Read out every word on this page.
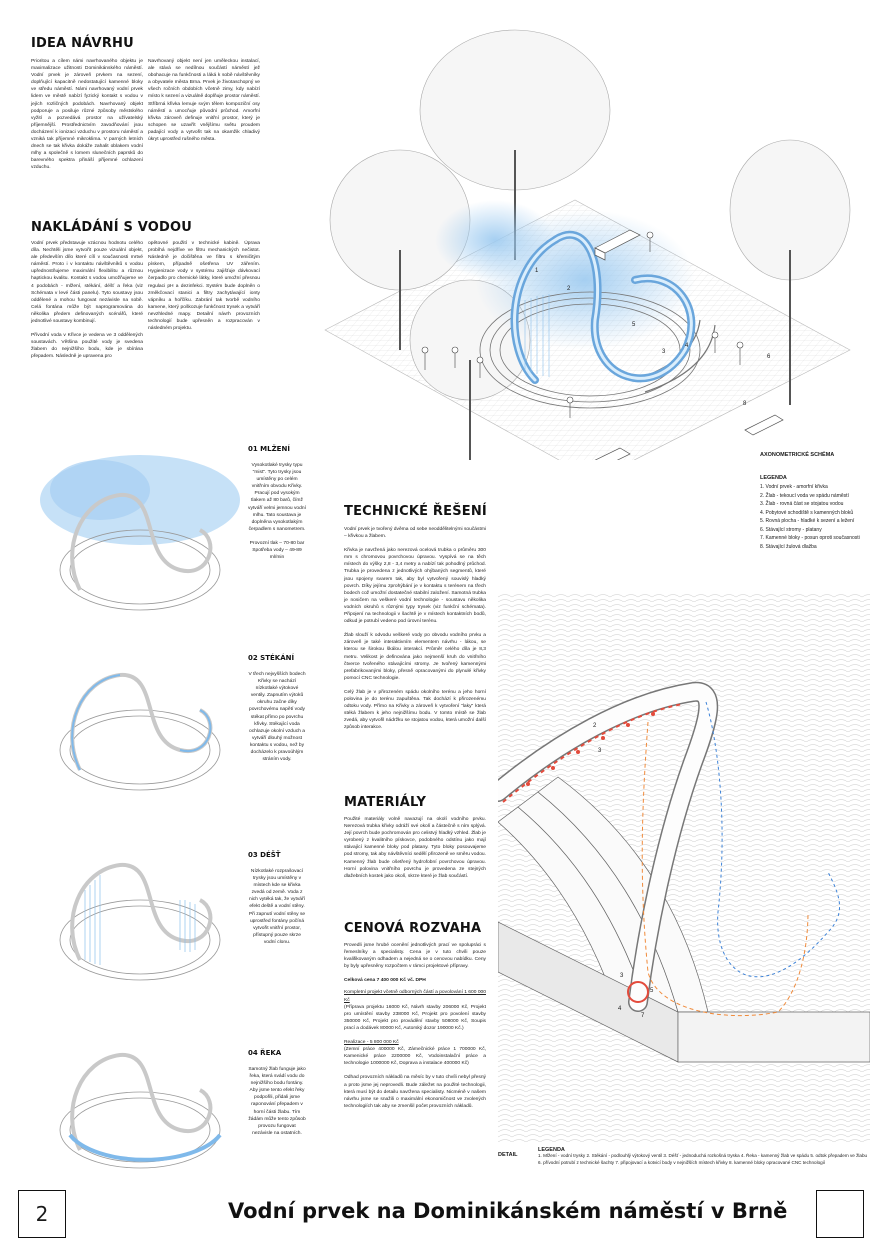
IDEA NÁVRHU
Prioritou a cílem námi navrhovaného objektu je maximalizace užitnosti Dominikánského náměstí. Vodní prvek je zároveň prvkem na sezení, doplňující kapacitně nedostatující kamenné bloky ve středu náměstí. Námi navrhovaný vodní prvek lidem ve městě nabízí fyzický kontakt s vodou v jejích rozličných podobách. Navrhovaný objekt podporuje a posiluje různé způsoby městského vyžití a pozvedává prostor na užívatelský příjemnější. Prostřednictvím zavodňování jsou docházení k ionizaci vzduchu v prostoru náměstí a vzniká tak příjemné mikroklima. V parných letních dnech se tak křivka dokáže zahalit oblakem vodní mlhy a společně s lomem slunečních paprsků do barevného spektra přináší příjemné ochlazení vzduchu.
Navrhovaný objekt není jen uměleckou instalací, ale stává se nedílnou součástí náměstí jež obohacuje na funkčnosti a láká k sobě návštěvníky a obyvatele města Brna. Prvek je životaschopný ve všech ročních obdobích včetně zimy, kdy nabízí místo k sezení a vizuálně doplňuje prostor náměstí. Stříbrná křivka lemuje svým tělem kompoziční osy náměstí a umocňuje původní průchod. Amorfní křivka zároveň definuje vnitřní prostor, který je schopen se uzavřít vnějšímu světu proudem padající vody a vytvořit tak na okamžik chladivý úkryt uprostřed rušného města.
NAKLÁDÁNÍ S VODOU

Vodní prvek představuje vzácnou hodnotu celého díla. Nechtěli jsme vytvořit pouze vizuální objekt, ale především dílo které cílí v současnosti mrtvé náměstí. Proto i v kontaktu návštěvníků s vodou upřednostňujeme maximální flexibilitu a různou haptickou kvalitu. Kontakt s vodou umožňujeme ve 4 podobách - mlžení, stékání, déšť a řeka (viz Schémata v levé části panelu). Tyto soustavy jsou oddělené a mohou fungovat nezávisle na sobě. Celá fontána může být naprogramována do několika předem definovaných scénářů, které jednotlivé soustavy kombinují.

Přívodní voda v Křivce je vedena ve 3 oddělených soustavách. Většina použité vody je svedena žlabem do nejnižšího bodu, kde je sbírána přepadem. Následně je upravena pro

opětovné použití v technické kabině. Úprava probíhá nejdříve ve filtru mechanických nečistot. Následně je dočištěna ve filtru s křemičitým pískem, případně ošetřena UV zářením. Hygienizace vody v systému zajišťuje dávkovací čerpadlo pro chemické látky, které umožní přesnou regulaci pH a dezinfekci. Systém bude doplněn o změkčovací stanici a filtry zachytávající ionty vápníku a hořčíku. Zabrání tak tvorbě vodního kamene, který poškozuje funkčnost trysek a vytváří nevzhledné mapy. Detailní návrh provozních technologií bude upřesněn a rozpracován v následném projektu.
1
2
3
4
5
6
8
AXONOMETRICKÉ SCHÉMA
LEGENDA
1. Vodní prvek - amorfní křivka
2. Žlab - tekoucí voda ve spádu náměstí
3. Žlab - rovná část se stojatou vodou
4. Pobytové schodiště s kamenných bloků
5. Rovná plocha - hladké k sezení a ležení
6. Stávající stromy - platany
7. Kamenné bloky - posun oproti současnosti
8. Stávající žulová dlažba
01 MLŽENÍ
Vysokotlaké trysky typu "mist". Tyto trysky jsou umístěny po celém vnitřním obvodu Křivky. Pracují pod vysokým tlakem až 80 barů, čímž vytváří velmi jemnou vodní mlhu. Tato soustava je doplněna vysokotlakým čerpadlem s nanometrem.
Provozní tlak – 70-80 bar Spotřeba vody – 49-89 ml/min
02 STÉKÁNÍ
V třech nejvyšších bodech Křivky se nachází nízkotlaké výtokové ventily. Zapnutím výtoků okruhu začne díky povrchovému napětí vody stékat přímo po povrchu křivky. Stékající voda ochlazuje okolní vzduch a vytváří dlouhý možnost kontaktu s vodou, než by docházelo k pravoúhlým stráním vody.
03 DÉŠŤ
Nízkotlaké rozprašovací trysky jsou umístěny v místech kde se křivka zvedá od země. Voda z nich vytéká tak, že vytváří efekt deště a vodní stěny. Při zapnutí vodní stěny se uprostřed fontány počíná vytvořit vnitřní prostor, přístupný pouze skrze vodní clonu.
04 ŘEKA
Samotný žlab funguje jako řeka, která svádí vodu do nejnižšího bodu fontány. Aby jsme tento efekt řeky podpořili, přidali jsme raponování přepadem v horní části žlabu. Tím žádám může tento způsob provozu fungovat nezávisle na ostatních.
TECHNICKÉ ŘEŠENÍ

Vodní prvek je tvořený dvěma od sebe neoddělitelnými součástmi – křivkou a žlabem.

Křivka je navržená jako nerezová ocelová trubka o průměru 300 mm s chromovou povrchovou úpravou. Vyspívá se na těch místech do výšky 2,8 - 3,4 metry a nabízí tak pohodlný průchod. Trubka je provedena z jednotlivých ohýbaných segmentů, které jsou spojeny svarem tak, aby byl vytvořený souvislý hladký povrch. Díky jejímu zprohýbání je v kontaktu s terénem na třech bodech což umožní dostatečné stabilní založení. Samotná trubka je nosičem na veškeré vodní technologie - soustavu několika vodních okruhů s různými typy trysek (viz funkční schémata). Připojení na technologii v šachtě je v místech kontaktních bodů, odkud je potrubí vedeno pod úrovní terénu.

Žlab slouží k odvodu veškeré vody po obvodu vodního prvku a zároveň je také interaktivním elementem návrhu - lákou, se kterou se širokou škálou interakcí. Průměr celého díla je 8,3 metru. Velikost je definována jako nejmenší kruh do vnitřního čtverce tvořeného stávajícími stromy. Je tvořený kamennými prefabrikovanými bloky, přesně opracovanými do plynulé křivky pomocí CNC technologie.

Celý žlab je v přirozeném spádu okolního terénu a jeho horní polovina je do terénu zapuštěna. Tak dochází k přirozenému odtoku vody. Přímo na Křivky a zároveň k vytvoření "laky" která stéká žlabem k jeho nejnižšímu bodu. V tomto místě se žlab zvedá, aby vytvořil nádržku se stojatou vodou, která umožní další způsob interakce.

MATERIÁLY
Použité materiály volně navazují na okolí vodního prvku. Nerezová trubka křivky odráží své okolí a částečně s ním splývá. Její povrch bude pochromován pro celistvý hladký vzhled. Žlab je vyrobený z kvalitního pískovce, podobného odstínu jako mají stávající kamenné bloky pod platany. Tyto bloky posouvajeme pod stromy, tak aby návštěvníci sedělí přirozeně ve směru vodou. Kamenný žlab bude ošetřený hydrofobní povrchovou úpravou. Horní polovina vnitřního povrchu je provedena ze stejných dlažebních kostek jako okolí, skrze které je žlab součástí.
CENOVÁ ROZVAHA

Provedli jsme hrubé ocenění jednotlivých prací ve spolupráci s řemeslníky a specialisty. Cena je v tuto chvíli pouze kvalifikovaným odhadem a nejedná se o cenovou nabídku. Ceny by byly upřesněny rozpočtem v rámci projektové přípravy.

Celková cena 7 400 000 Kč vč. DPH

Kompletní projekt včetně odborných částí a povolování 1 600 000 Kč

(Příprava projektu 16000 Kč, Návrh stavby 206000 Kč, Projekt pro umístění stavby 238000 Kč, Projekt pro povolení stavby 350000 Kč, Projekt pro provádění stavby 508000 Kč, Soupis prací a dodávek 80000 Kč, Autorský dozor 190000 Kč.)

Realizace - 5 800 000 Kč

(Zemní práce 400000 Kč, Zámečnické práce 1 700000 Kč, Kamenické práce 2200000 Kč, Vodoinstalační práce a technologie 1000000 Kč, Doprava a instalace 400000 Kč)

Odhad provozních nákladů na měsíc by v tuto chvíli nebyl přesný a proto jsme jej neprovedli. Bude záležet na použité technologii, která musí být do detailu navržena specialisty. Nicméně v našem návrhu jsme se snažili o maximální ekonomičnost ve zvolených technologiích tak aby se zmenšil počet provozních nákladů.

2
3
3
5
7
4
DETAIL
LEGENDA
1. Mlžení - vodní trysky 2. Stékání - podlouhlý výtokový ventil 3. Déšť - jednoduchá rozkošná tryska 4. Řeka - kamenný žlab ve spádu 5. odtok přepadem ve žlabu 6. přívodní potrubí z technické šachty 7. připojovací a kotvicí body v nejnižších místech křivky 8. kamenné bloky opracované CNC technologií
2	Vodní prvek na Dominikánském náměstí v Brně
